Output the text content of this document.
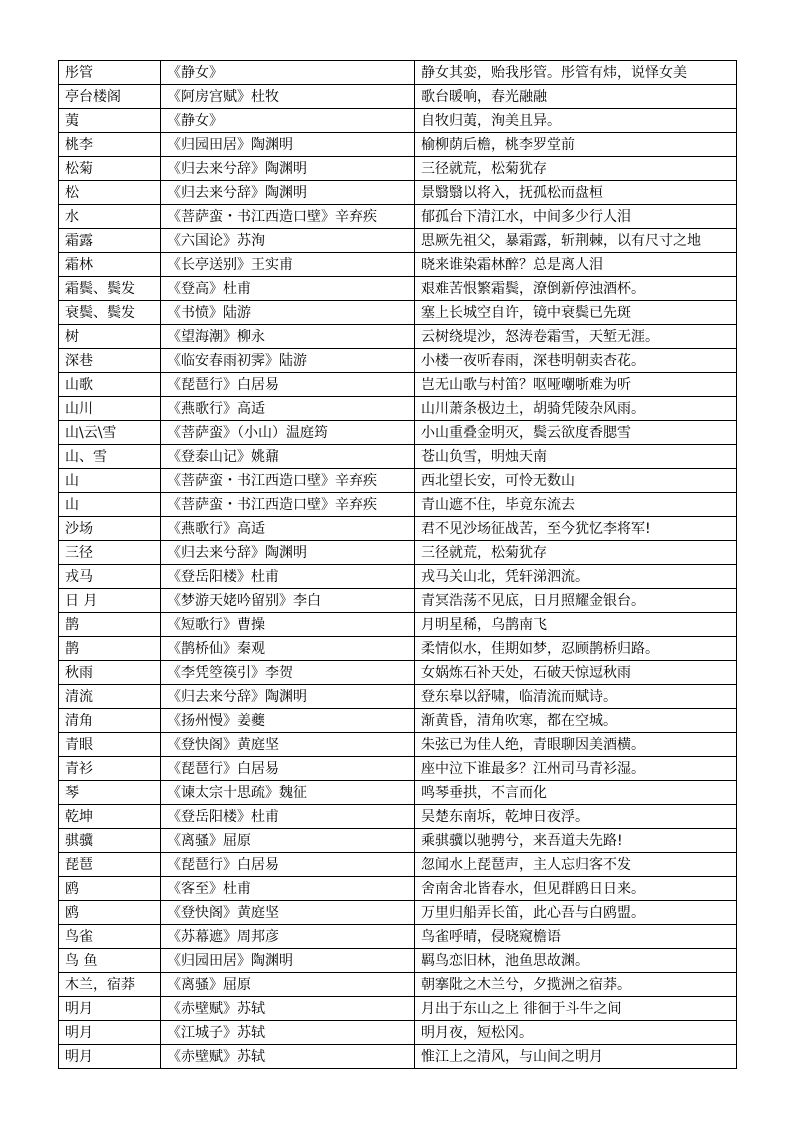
彤管	《静女》	静女其娈，贻我彤管。彤管有炜，说怿女美
亭台楼阁	《阿房宫赋》杜牧	歌台暖响，春光融融
荑	《静女》	自牧归荑，洵美且异。
桃李	《归园田居》陶渊明	榆柳荫后檐，桃李罗堂前
松菊	《归去来兮辞》陶渊明	三径就荒，松菊犹存
松	《归去来兮辞》陶渊明	景翳翳以将入，抚孤松而盘桓
水	《菩萨蛮・书江西造口壁》辛弃疾	郁孤台下清江水，中间多少行人泪
霜露	《六国论》苏洵	思厥先祖父，暴霜露，斩荆棘，以有尺寸之地
霜林	《长亭送别》王实甫	晓来谁染霜林醉？总是离人泪
霜鬓、鬓发	《登高》杜甫	艰难苦恨繁霜鬓，潦倒新停浊酒杯。
衰鬓、鬓发	《书愤》陆游	塞上长城空自许，镜中衰鬓已先斑
树	《望海潮》柳永	云树绕堤沙，怒涛卷霜雪，天堑无涯。
深巷	《临安春雨初霁》陆游	小楼一夜听春雨，深巷明朝卖杏花。
山歌	《琵琶行》白居易	岂无山歌与村笛？呕哑嘲哳难为听
山川	《燕歌行》高适	山川萧条极边土，胡骑凭陵杂风雨。
山\云\雪	《菩萨蛮》（小山）温庭筠	小山重叠金明灭，鬓云欲度香腮雪
山、雪	《登泰山记》姚鼐	苍山负雪，明烛天南
山	《菩萨蛮・书江西造口壁》辛弃疾	西北望长安，可怜无数山
山	《菩萨蛮・书江西造口壁》辛弃疾	青山遮不住，毕竟东流去
沙场	《燕歌行》高适	君不见沙场征战苦，至今犹忆李将军!
三径	《归去来兮辞》陶渊明	三径就荒，松菊犹存
戎马	《登岳阳楼》杜甫	戎马关山北，凭轩涕泗流。
日 月	《梦游天姥吟留别》李白	青冥浩荡不见底，日月照耀金银台。
鹊	《短歌行》曹操	月明星稀，乌鹊南飞
鹊	《鹊桥仙》秦观	柔情似水，佳期如梦，忍顾鹊桥归路。
秋雨	《李凭箜篌引》李贺	女娲炼石补天处，石破天惊逗秋雨
清流	《归去来兮辞》陶渊明	登东皋以舒啸，临清流而赋诗。
清角	《扬州慢》姜夔	渐黄昏，清角吹寒，都在空城。
青眼	《登快阁》黄庭坚	朱弦已为佳人绝，青眼聊因美酒横。
青衫	《琵琶行》白居易	座中泣下谁最多？江州司马青衫湿。
琴	《谏太宗十思疏》魏征	鸣琴垂拱，不言而化
乾坤	《登岳阳楼》杜甫	吴楚东南坼，乾坤日夜浮。
骐骥	《离骚》屈原	乘骐骥以驰骋兮，来吾道夫先路!
琵琶	《琵琶行》白居易	忽闻水上琵琶声，主人忘归客不发
鸥	《客至》杜甫	舍南舍北皆春水，但见群鸥日日来。
鸥	《登快阁》黄庭坚	万里归船弄长笛，此心吾与白鸥盟。
鸟雀	《苏幕遮》周邦彦	鸟雀呼晴，侵晓窥檐语
鸟 鱼	《归园田居》陶渊明	羁鸟恋旧林，池鱼思故渊。
木兰，宿莽	《离骚》屈原	朝搴阰之木兰兮，夕揽洲之宿莽。
明月	《赤壁赋》苏轼	月出于东山之上 徘徊于斗牛之间
明月	《江城子》苏轼	明月夜，短松冈。
明月	《赤壁赋》苏轼	惟江上之清风，与山间之明月
